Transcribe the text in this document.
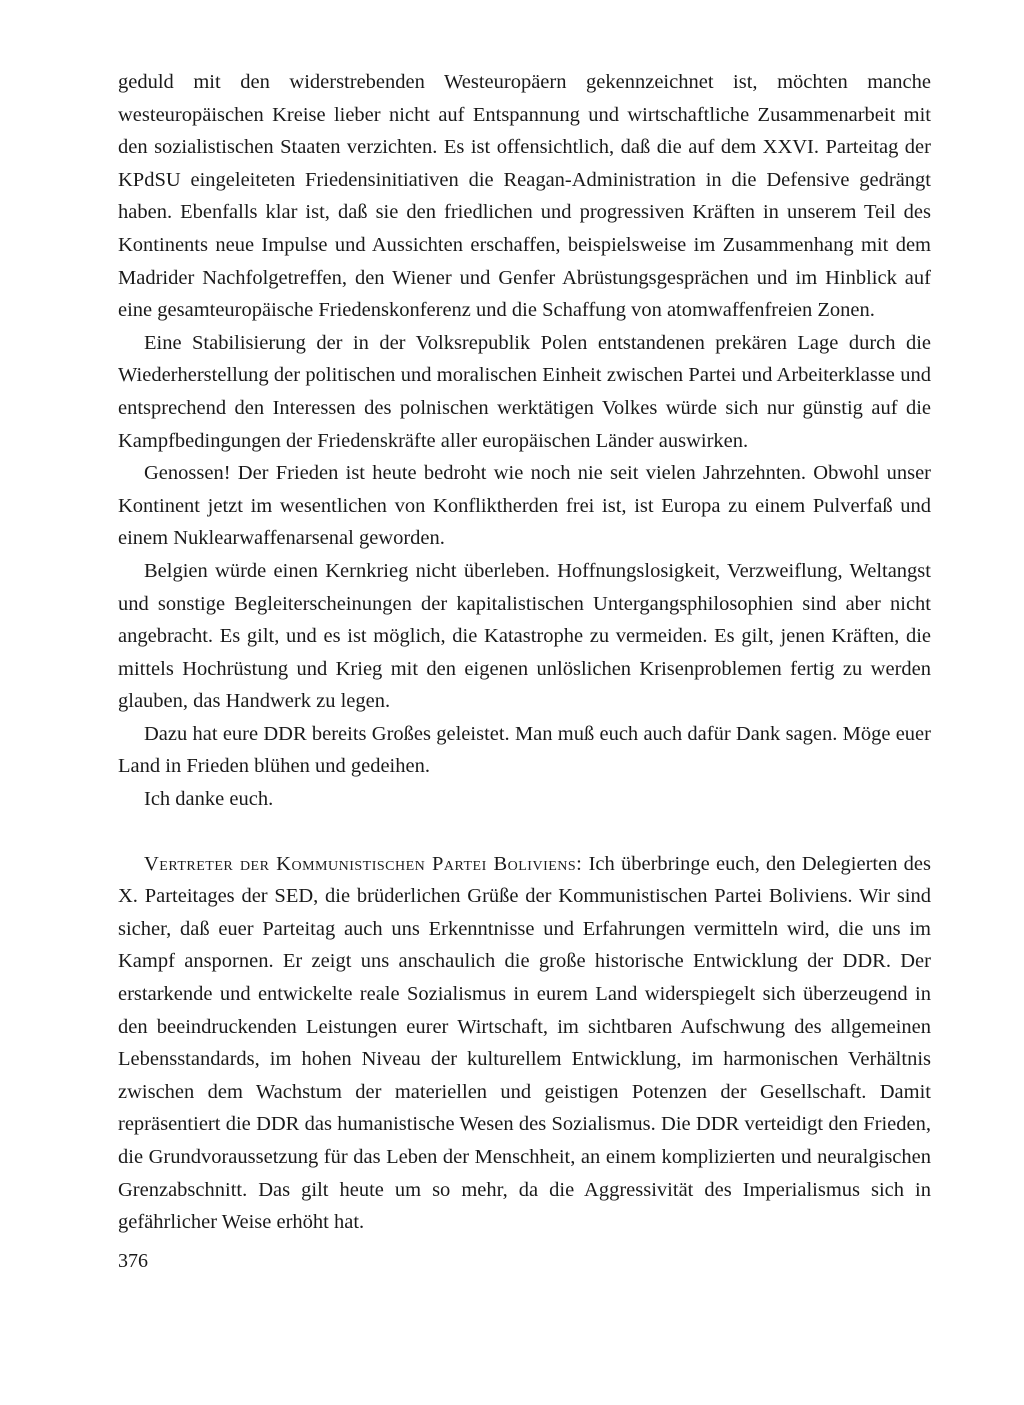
geduld mit den widerstrebenden Westeuropäern gekennzeichnet ist, möchten manche westeuropäischen Kreise lieber nicht auf Entspannung und wirtschaftliche Zusammenarbeit mit den sozialistischen Staaten verzichten. Es ist offensichtlich, daß die auf dem XXVI. Parteitag der KPdSU eingeleiteten Friedensinitiativen die Reagan-Administration in die Defensive gedrängt haben. Ebenfalls klar ist, daß sie den friedlichen und progressiven Kräften in unserem Teil des Kontinents neue Impulse und Aussichten erschaffen, beispielsweise im Zusammenhang mit dem Madrider Nachfolgetreffen, den Wiener und Genfer Abrüstungsgesprächen und im Hinblick auf eine gesamteuropäische Friedenskonferenz und die Schaffung von atomwaffenfreien Zonen.

Eine Stabilisierung der in der Volksrepublik Polen entstandenen prekären Lage durch die Wiederherstellung der politischen und moralischen Einheit zwischen Partei und Arbeiterklasse und entsprechend den Interessen des polnischen werktätigen Volkes würde sich nur günstig auf die Kampfbedingungen der Friedenskräfte aller europäischen Länder auswirken.

Genossen! Der Frieden ist heute bedroht wie noch nie seit vielen Jahrzehnten. Obwohl unser Kontinent jetzt im wesentlichen von Konfliktherden frei ist, ist Europa zu einem Pulverfaß und einem Nuklearwaffenarsenal geworden.

Belgien würde einen Kernkrieg nicht überleben. Hoffnungslosigkeit, Verzweiflung, Weltangst und sonstige Begleiterscheinungen der kapitalistischen Untergangsphilosophien sind aber nicht angebracht. Es gilt, und es ist möglich, die Katastrophe zu vermeiden. Es gilt, jenen Kräften, die mittels Hochrüstung und Krieg mit den eigenen unlöslichen Krisenproblemen fertig zu werden glauben, das Handwerk zu legen.

Dazu hat eure DDR bereits Großes geleistet. Man muß euch auch dafür Dank sagen. Möge euer Land in Frieden blühen und gedeihen.

Ich danke euch.

Vertreter der Kommunistischen Partei Boliviens: Ich überbringe euch, den Delegierten des X. Parteitages der SED, die brüderlichen Grüße der Kommunistischen Partei Boliviens. Wir sind sicher, daß euer Parteitag auch uns Erkenntnisse und Erfahrungen vermitteln wird, die uns im Kampf anspornen. Er zeigt uns anschaulich die große historische Entwicklung der DDR. Der erstarkende und entwickelte reale Sozialismus in eurem Land widerspiegelt sich überzeugend in den beeindruckenden Leistungen eurer Wirtschaft, im sichtbaren Aufschwung des allgemeinen Lebensstandards, im hohen Niveau der kulturellem Entwicklung, im harmonischen Verhältnis zwischen dem Wachstum der materiellen und geistigen Potenzen der Gesellschaft. Damit repräsentiert die DDR das humanistische Wesen des Sozialismus. Die DDR verteidigt den Frieden, die Grundvoraussetzung für das Leben der Menschheit, an einem komplizierten und neuralgischen Grenzabschnitt. Das gilt heute um so mehr, da die Aggressivität des Imperialismus sich in gefährlicher Weise erhöht hat.

376
